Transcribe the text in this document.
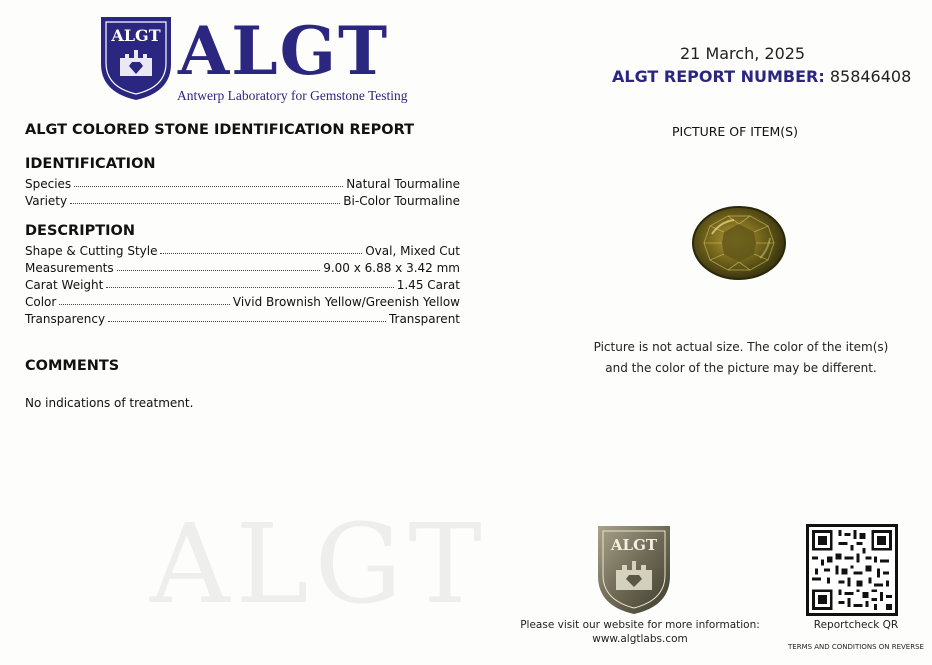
ALGT
ALGT ALGT
Antwerp Laboratory for Gemstone Testing
21 March, 2025
ALGT REPORT NUMBER: 85846408
ALGT COLORED STONE IDENTIFICATION REPORT
IDENTIFICATION
Species	Natural Tourmaline
Variety	Bi-Color Tourmaline
DESCRIPTION
Shape & Cutting Style	Oval, Mixed Cut
Measurements	9.00 x 6.88 x 3.42 mm
Carat Weight	1.45 Carat
Color	Vivid Brownish Yellow/Greenish Yellow
Transparency	Transparent
COMMENTS
No indications of treatment.
PICTURE OF ITEM(S)
Picture is not actual size. The color of the item(s)
and the color of the picture may be different.
ALGT
Please visit our website for more information:
www.algtlabs.com
Reportcheck QR
TERMS AND CONDITIONS ON REVERSE
